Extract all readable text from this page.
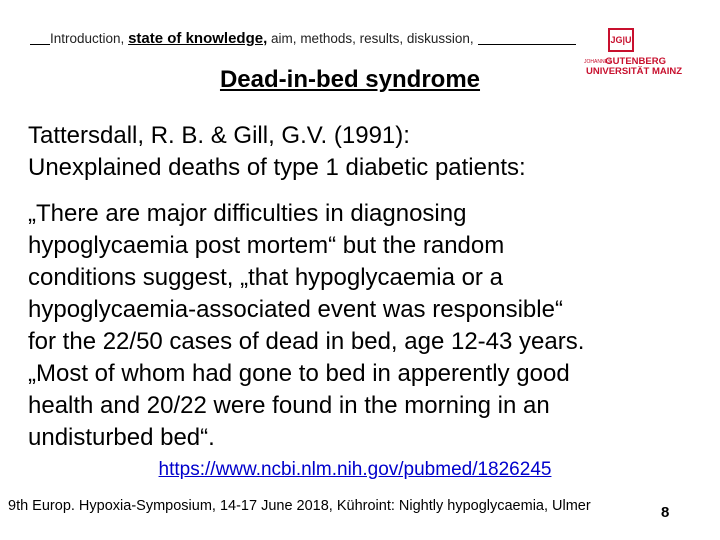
Introduction, state of knowledge, aim, methods, results, diskussion,	JG|U
JOHANNES
GUTENBERG
UNIVERSITÄT MAINZ
Dead-in-bed syndrome
Tattersdall, R. B. & Gill, G.V. (1991):
Unexplained deaths of type 1 diabetic patients:
„There are major difficulties in diagnosing
hypoglycaemia post mortem“ but the random
conditions suggest, „that hypoglycaemia or a
hypoglycaemia-associated event was responsible“
for the 22/50 cases of dead in bed, age 12-43 years.
„Most of whom had gone to bed in apperently good
health and 20/22 were found in the morning in an
undisturbed bed“.
https://www.ncbi.nlm.nih.gov/pubmed/1826245
9th Europ. Hypoxia-Symposium, 14-17 June 2018, Kühroint: Nightly hypoglycaemia, Ulmer	8
